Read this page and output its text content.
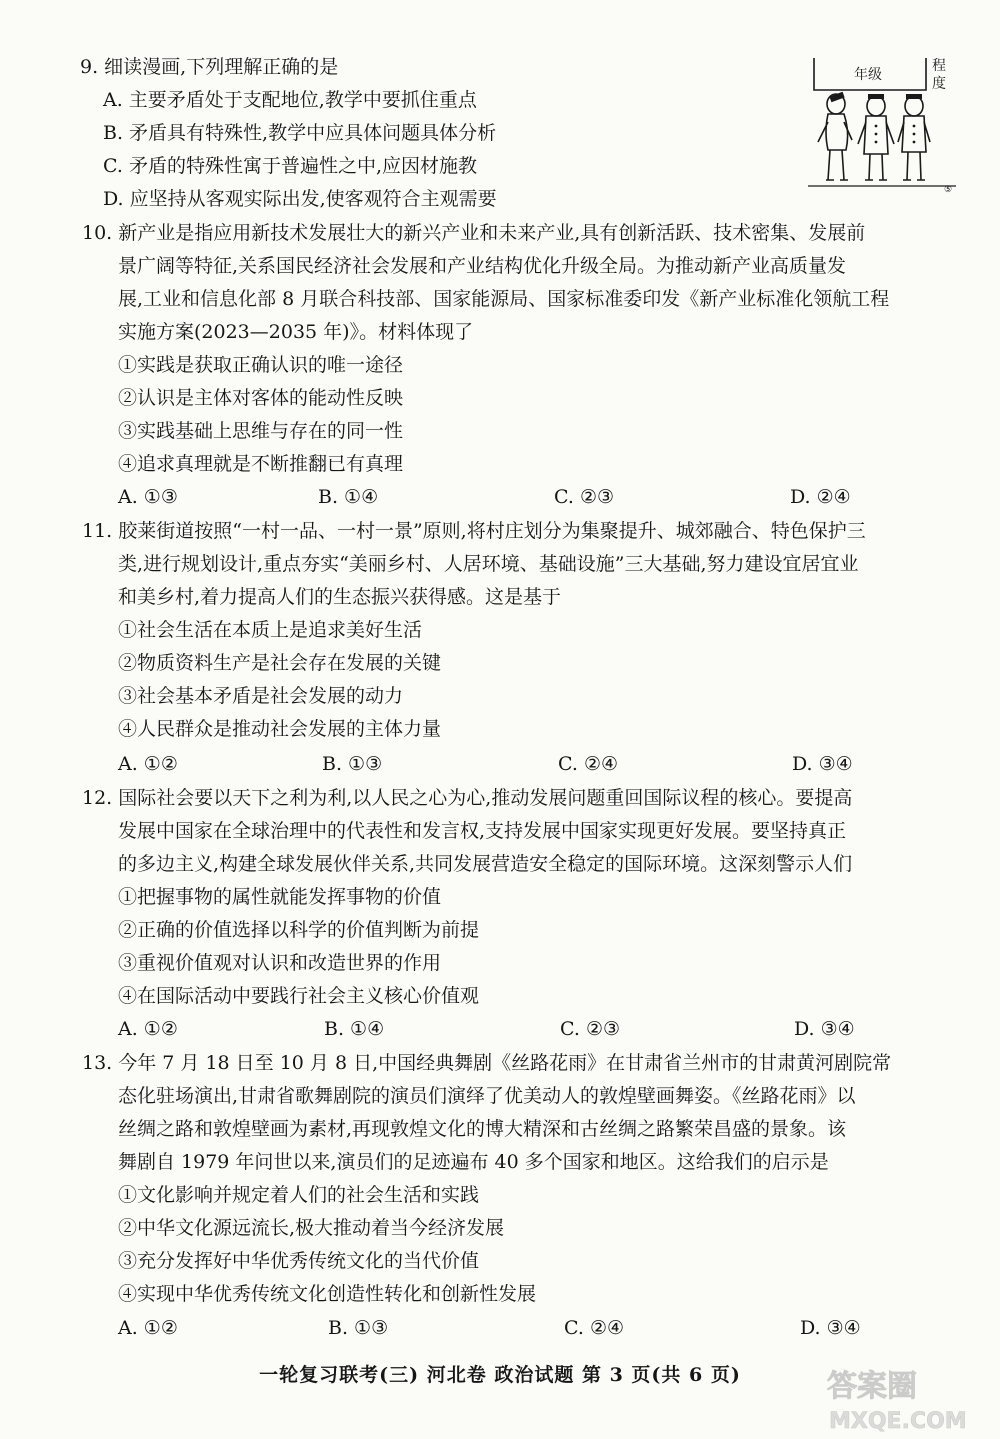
9. 细读漫画,下列理解正确的是
A. 主要矛盾处于支配地位,教学中要抓住重点
B. 矛盾具有特殊性,教学中应具体问题具体分析
C. 矛盾的特殊性寓于普遍性之中,应因材施教
D. 应坚持从客观实际出发,使客观符合主观需要
年级
程
度
⑤
10. 新产业是指应用新技术发展壮大的新兴产业和未来产业,具有创新活跃、技术密集、发展前
景广阔等特征,关系国民经济社会发展和产业结构优化升级全局。为推动新产业高质量发
展,工业和信息化部 8 月联合科技部、国家能源局、国家标准委印发《新产业标准化领航工程
实施方案(2023—2035 年)》。材料体现了
①实践是获取正确认识的唯一途径
②认识是主体对客体的能动性反映
③实践基础上思维与存在的同一性
④追求真理就是不断推翻已有真理
A. ①③	B. ①④	C. ②③	D. ②④
11. 胶莱街道按照“一村一品、一村一景”原则,将村庄划分为集聚提升、城郊融合、特色保护三
类,进行规划设计,重点夯实“美丽乡村、人居环境、基础设施”三大基础,努力建设宜居宜业
和美乡村,着力提高人们的生态振兴获得感。这是基于
①社会生活在本质上是追求美好生活
②物质资料生产是社会存在发展的关键
③社会基本矛盾是社会发展的动力
④人民群众是推动社会发展的主体力量
A. ①②	B. ①③	C. ②④	D. ③④
12. 国际社会要以天下之利为利,以人民之心为心,推动发展问题重回国际议程的核心。要提高
发展中国家在全球治理中的代表性和发言权,支持发展中国家实现更好发展。要坚持真正
的多边主义,构建全球发展伙伴关系,共同发展营造安全稳定的国际环境。这深刻警示人们
①把握事物的属性就能发挥事物的价值
②正确的价值选择以科学的价值判断为前提
③重视价值观对认识和改造世界的作用
④在国际活动中要践行社会主义核心价值观
A. ①②	B. ①④	C. ②③	D. ③④
13. 今年 7 月 18 日至 10 月 8 日,中国经典舞剧《丝路花雨》在甘肃省兰州市的甘肃黄河剧院常
态化驻场演出,甘肃省歌舞剧院的演员们演绎了优美动人的敦煌壁画舞姿。《丝路花雨》以
丝绸之路和敦煌壁画为素材,再现敦煌文化的博大精深和古丝绸之路繁荣昌盛的景象。该
舞剧自 1979 年问世以来,演员们的足迹遍布 40 多个国家和地区。这给我们的启示是
①文化影响并规定着人们的社会生活和实践
②中华文化源远流长,极大推动着当今经济发展
③充分发挥好中华优秀传统文化的当代价值
④实现中华优秀传统文化创造性转化和创新性发展
A. ①②	B. ①③	C. ②④	D. ③④
一轮复习联考(三) 河北卷 政治试题 第 3 页(共 6 页)	答案圈
MXQE.COM
